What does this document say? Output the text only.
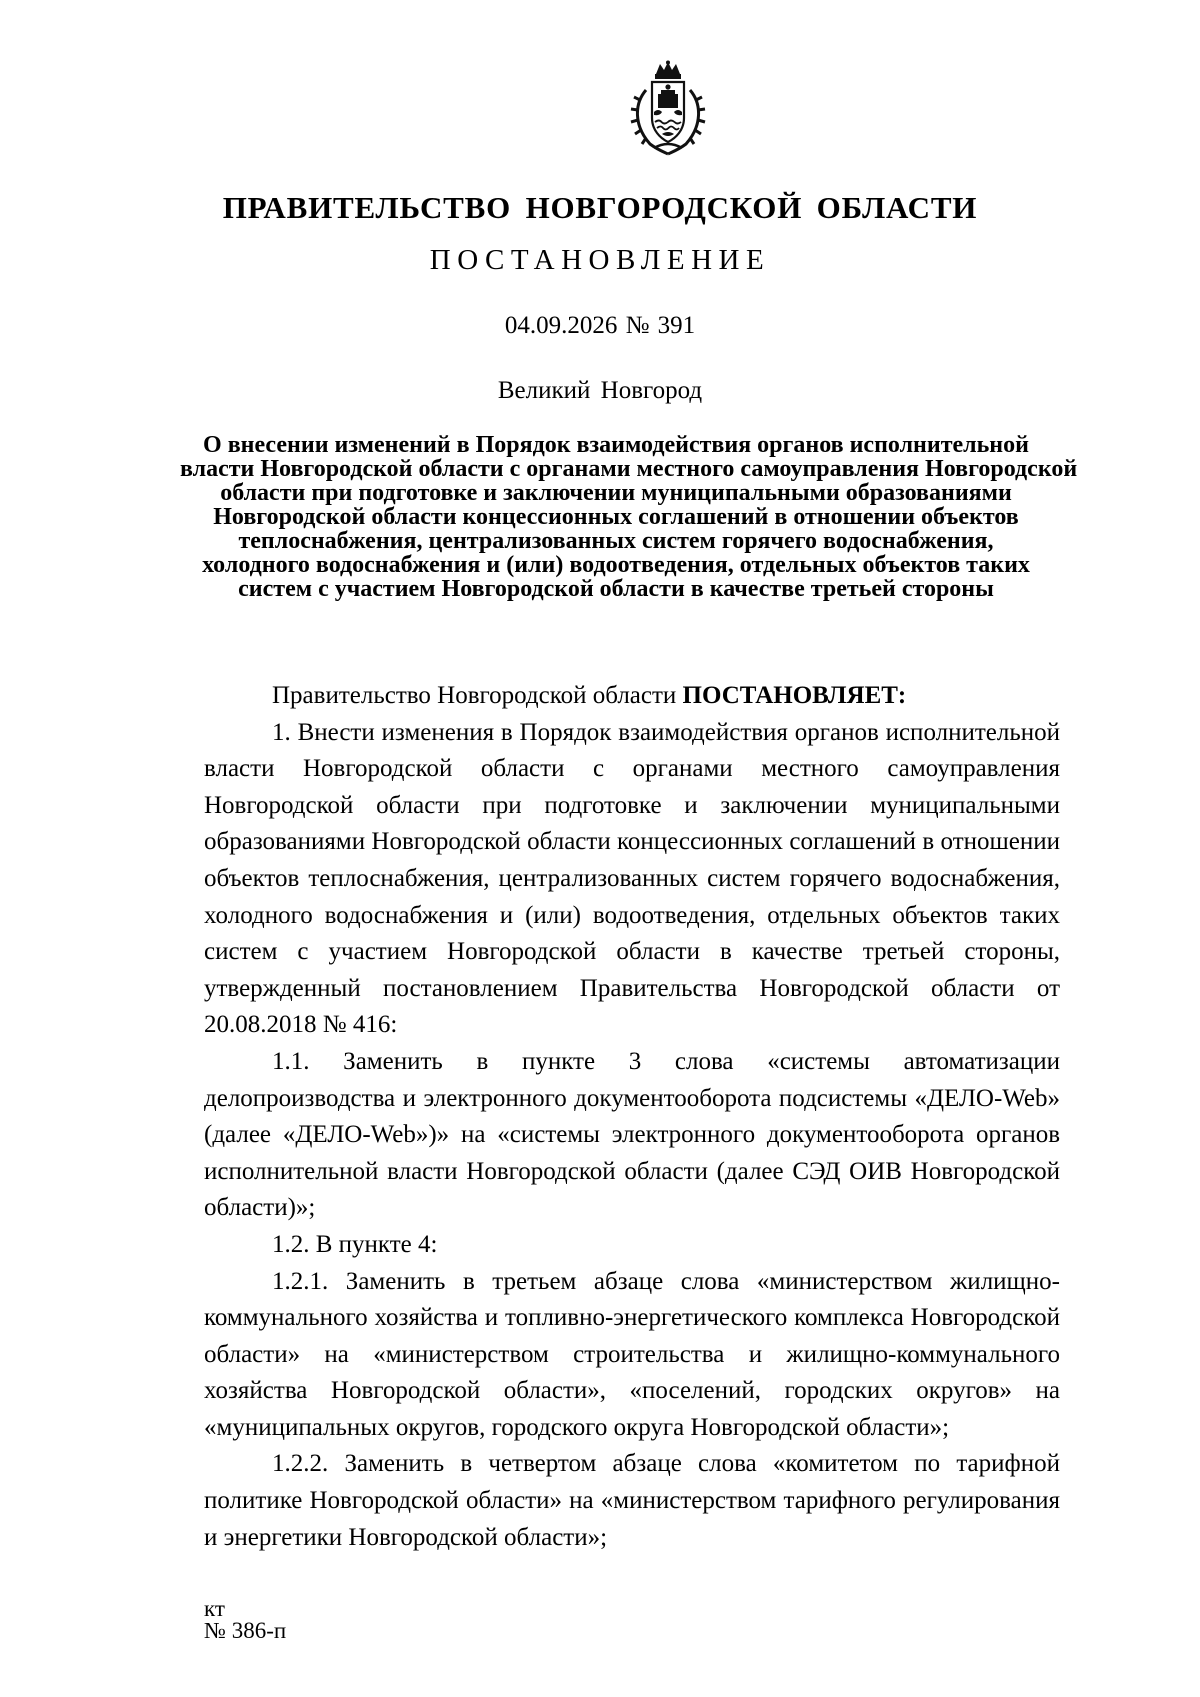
ПРАВИТЕЛЬСТВО НОВГОРОДСКОЙ ОБЛАСТИ
ПОСТАНОВЛЕНИЕ
04.09.2026 № 391
Великий Новгород
О внесении изменений в Порядок взаимодействия органов исполнительной
власти Новгородской области с органами местного самоуправления Новгородской
области при подготовке и заключении муниципальными образованиями
Новгородской области концессионных соглашений в отношении объектов
теплоснабжения, централизованных систем горячего водоснабжения,
холодного водоснабжения и (или) водоотведения, отдельных объектов таких
систем с участием Новгородской области в качестве третьей стороны

Правительство Новгородской области ПОСТАНОВЛЯЕТ:

1. Внести изменения в Порядок взаимодействия органов исполнительной власти Новгородской области с органами местного самоуправления Новгородской области при подготовке и заключении муниципальными образованиями Новгородской области концессионных соглашений в отношении объектов теплоснабжения, централизованных систем горячего водоснабжения, холодного водоснабжения и (или) водоотведения, отдельных объектов таких систем с участием Новгородской области в качестве третьей стороны, утвержденный постановлением Правительства Новгородской области от 20.08.2018 № 416:

1.1. Заменить в пункте 3 слова «системы автоматизации делопроизводства и электронного документооборота подсистемы «ДЕЛО-Web» (далее «ДЕЛО-Web»)» на «системы электронного документооборота органов исполнительной власти Новгородской области (далее СЭД ОИВ Новгородской области)»;

1.2. В пункте 4:

1.2.1. Заменить в третьем абзаце слова «министерством жилищно-коммунального хозяйства и топливно-энергетического комплекса Новгородской области» на «министерством строительства и жилищно-коммунального хозяйства Новгородской области», «поселений, городских округов» на «муниципальных округов, городского округа Новгородской области»;

1.2.2. Заменить в четвертом абзаце слова «комитетом по тарифной политике Новгородской области» на «министерством тарифного регулирования и энергетики Новгородской области»;

кт
№ 386-п
